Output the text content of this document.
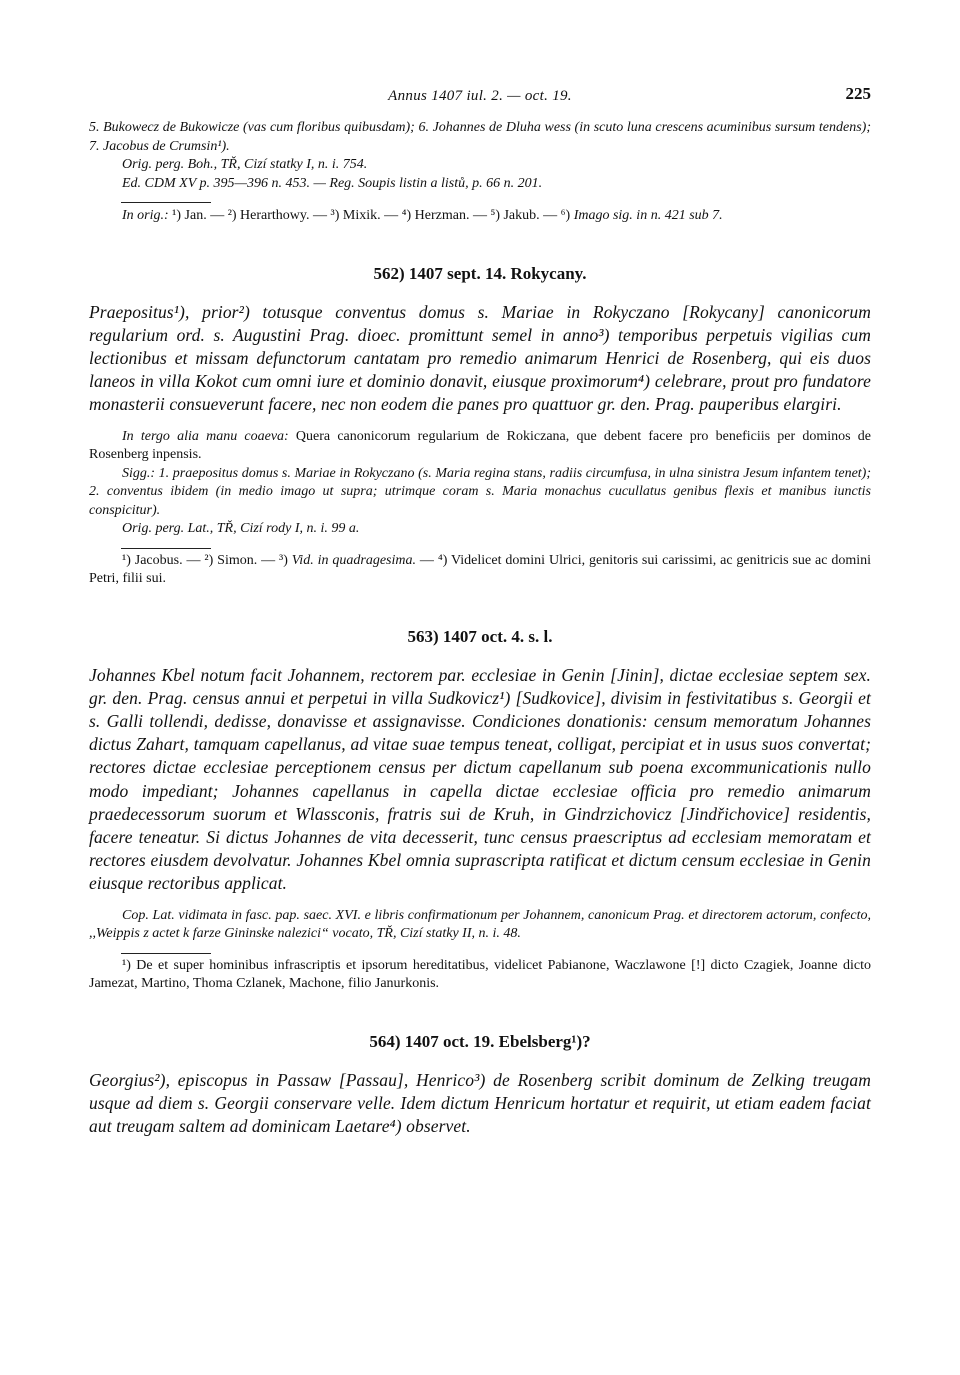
Annus 1407 iul. 2. — oct. 19.	225

5. Bukowecz de Bukowicze (vas cum floribus quibusdam); 6. Johannes de Dluha wess (in scuto luna crescens acuminibus sursum tendens); 7. Jacobus de Crumsin¹).

Orig. perg. Boh., TŘ, Cizí statky I, n. i. 754.

Ed. CDM XV p. 395—396 n. 453. — Reg. Soupis listin a listů, p. 66 n. 201.

In orig.: ¹) Jan. — ²) Herarthowy. — ³) Mixik. — ⁴) Herzman. — ⁵) Jakub. — ⁶) Imago sig. in n. 421 sub 7.

562) 1407 sept. 14. Rokycany.

Praepositus¹), prior²) totusque conventus domus s. Mariae in Rokyczano [Rokycany] canonicorum regularium ord. s. Augustini Prag. dioec. promittunt semel in anno³) temporibus perpetuis vigilias cum lectionibus et missam defunctorum cantatam pro remedio animarum Henrici de Rosenberg, qui eis duos laneos in villa Kokot cum omni iure et dominio donavit, eiusque proximorum⁴) celebrare, prout pro fundatore monasterii consueverunt facere, nec non eodem die panes pro quattuor gr. den. Prag. pauperibus elargiri.

In tergo alia manu coaeva: Quera canonicorum regularium de Rokiczana, que debent facere pro beneficiis per dominos de Rosenberg inpensis.

Sigg.: 1. praepositus domus s. Mariae in Rokyczano (s. Maria regina stans, radiis circumfusa, in ulna sinistra Jesum infantem tenet); 2. conventus ibidem (in medio imago ut supra; utrimque coram s. Maria monachus cucullatus genibus flexis et manibus iunctis conspicitur).

Orig. perg. Lat., TŘ, Cizí rody I, n. i. 99 a.

¹) Jacobus. — ²) Simon. — ³) Vid. in quadragesima. — ⁴) Videlicet domini Ulrici, genitoris sui carissimi, ac genitricis sue ac domini Petri, filii sui.

563) 1407 oct. 4. s. l.

Johannes Kbel notum facit Johannem, rectorem par. ecclesiae in Genin [Jinin], dictae ecclesiae septem sex. gr. den. Prag. census annui et perpetui in villa Sudkovicz¹) [Sudkovice], divisim in festivitatibus s. Georgii et s. Galli tollendi, dedisse, donavisse et assignavisse. Condiciones donationis: censum memoratum Johannes dictus Zahart, tamquam capellanus, ad vitae suae tempus teneat, colligat, percipiat et in usus suos convertat; rectores dictae ecclesiae perceptionem census per dictum capellanum sub poena excommunicationis nullo modo impediant; Johannes capellanus in capella dictae ecclesiae officia pro remedio animarum praedecessorum suorum et Wlassconis, fratris sui de Kruh, in Gindrzichovicz [Jindřichovice] residentis, facere teneatur. Si dictus Johannes de vita decesserit, tunc census praescriptus ad ecclesiam memoratam et rectores eiusdem devolvatur. Johannes Kbel omnia suprascripta ratificat et dictum censum ecclesiae in Genin eiusque rectoribus applicat.

Cop. Lat. vidimata in fasc. pap. saec. XVI. e libris confirmationum per Johannem, canonicum Prag. et directorem actorum, confecto, ,,Weippis z actet k farze Gininske nalezici“ vocato, TŘ, Cizí statky II, n. i. 48.

¹) De et super hominibus infrascriptis et ipsorum hereditatibus, videlicet Pabianone, Waczlawone [!] dicto Czagiek, Joanne dicto Jamezat, Martino, Thoma Czlanek, Machone, filio Janurkonis.

564) 1407 oct. 19. Ebelsberg¹)?

Georgius²), episcopus in Passaw [Passau], Henrico³) de Rosenberg scribit dominum de Zelking treugam usque ad diem s. Georgii conservare velle. Idem dictum Henricum hortatur et requirit, ut etiam eadem faciat aut treugam saltem ad dominicam Laetare⁴) observet.
